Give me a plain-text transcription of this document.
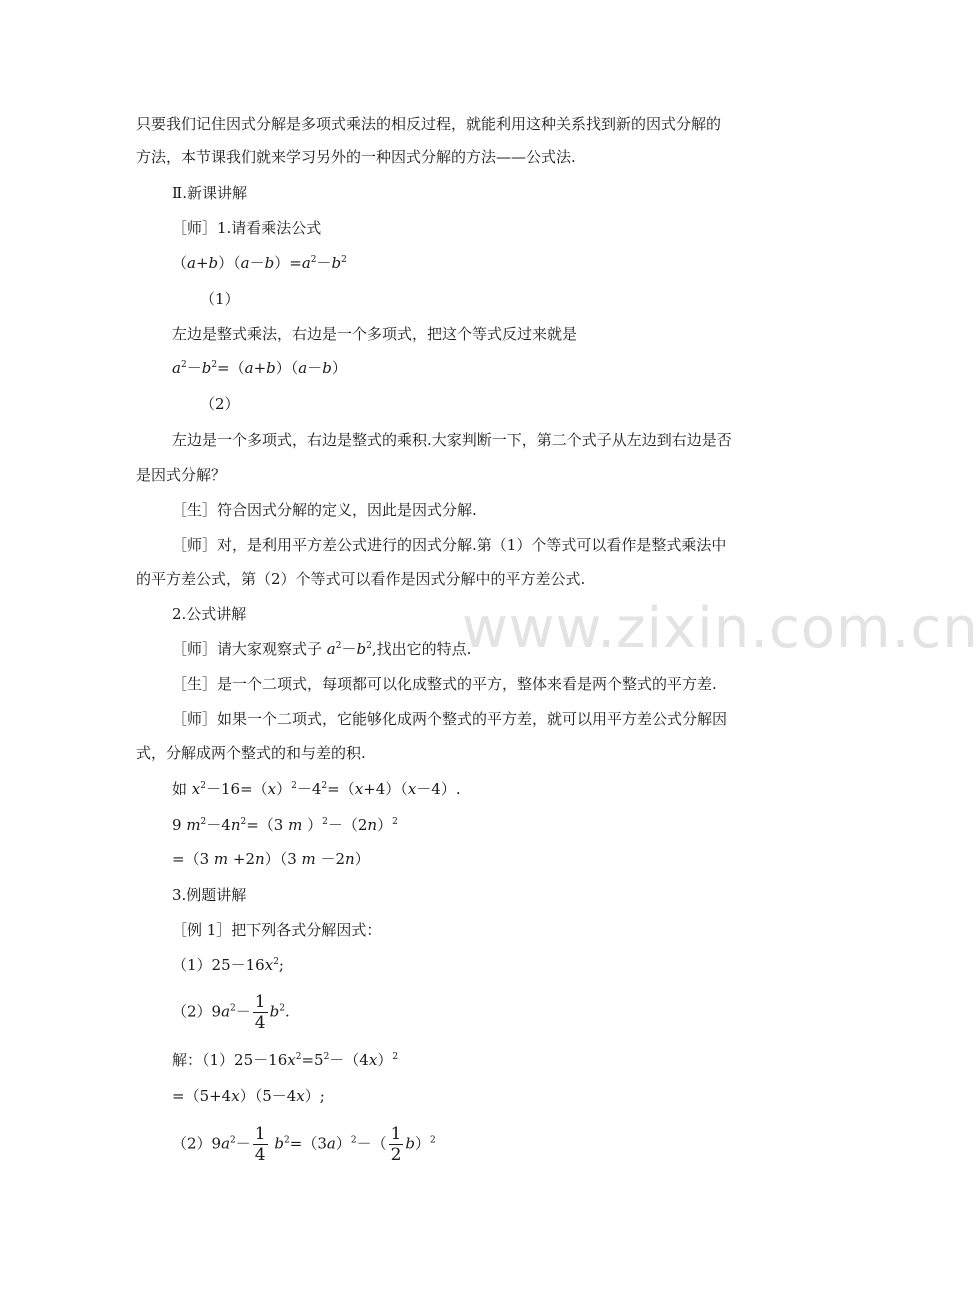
www.zixin.com.cn
只要我们记住因式分解是多项式乘法的相反过程，就能利用这种关系找到新的因式分解的
方法，本节课我们就来学习另外的一种因式分解的方法——公式法.
Ⅱ.新课讲解
［师］1.请看乘法公式
$(a+b)(a-b)=a^2-b^2$
（1）
左边是整式乘法，右边是一个多项式，把这个等式反过来就是
$a^2-b^2=(a+b)(a-b)$
（2）
左边是一个多项式，右边是整式的乘积.大家判断一下，第二个式子从左边到右边是否
是因式分解？
［生］符合因式分解的定义，因此是因式分解.
［师］对，是利用平方差公式进行的因式分解.第（1）个等式可以看作是整式乘法中
的平方差公式，第（2）个等式可以看作是因式分解中的平方差公式.
2.公式讲解
［师］请大家观察式子 $a^2-b^2$,找出它的特点.
［生］是一个二项式，每项都可以化成整式的平方，整体来看是两个整式的平方差.
［师］如果一个二项式，它能够化成两个整式的平方差，就可以用平方差公式分解因
式，分解成两个整式的和与差的积.
如 $x^2-16=(x)^2-4^2=(x+4)(x-4)$.
9 $m^2-4n^2=(3$ m ）$^2-(2n)^2$
=（3 m +2n）（3 m －2n）
3.例题讲解
［例 1］把下列各式分解因式：
$(1)25-16x^2$;
$(2)9a^2- \frac{1}{4} b^2$.
解：$(1)25-16x^2=5^2-(4x)^2$
=（5+4x）（5－4x）;
$(2)9a^2- \frac{1}{4} b^2=(3a)^2-( \frac{1}{2} b)^2$
